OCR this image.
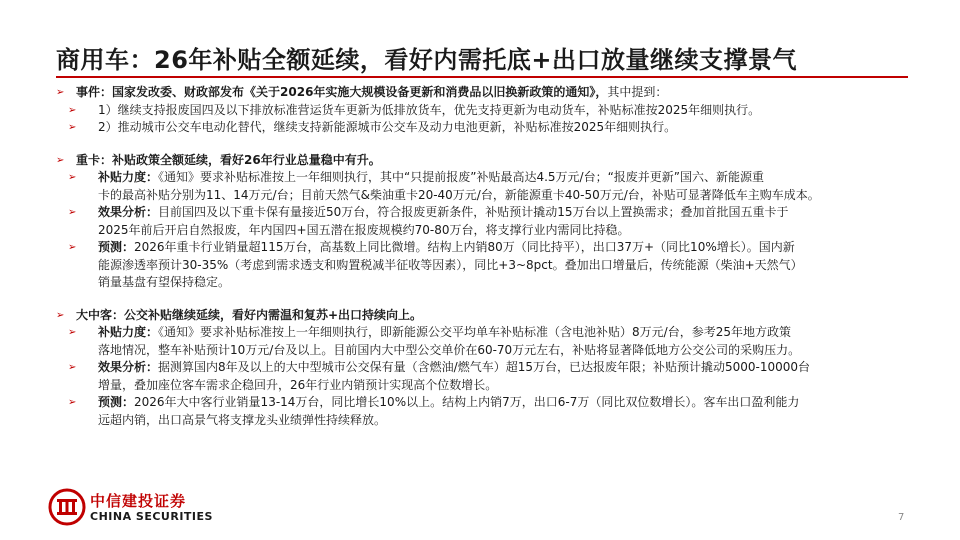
商用车：26年补贴全额延续，看好内需托底+出口放量继续支撑景气
➢ 事件：国家发改委、财政部发布《关于2026年实施大规模设备更新和消费品以旧换新政策的通知》，其中提到：
➢	1）继续支持报废国四及以下排放标准营运货车更新为低排放货车，优先支持更新为电动货车，补贴标准按2025年细则执行。
➢	2）推动城市公交车电动化替代，继续支持新能源城市公交车及动力电池更新，补贴标准按2025年细则执行。
➢ 重卡：补贴政策全额延续，看好26年行业总量稳中有升。
➢	补贴力度：《通知》要求补贴标准按上一年细则执行，其中“只提前报废”补贴最高达4.5万元/台；“报废并更新”国六、新能源重
卡的最高补贴分别为11、14万元/台；目前天然气&柴油重卡20-40万元/台，新能源重卡40-50万元/台，补贴可显著降低车主购车成本。
➢	效果分析：目前国四及以下重卡保有量接近50万台，符合报废更新条件，补贴预计撬动15万台以上置换需求；叠加首批国五重卡于
2025年前后开启自然报废，年内国四+国五潜在报废规模约70-80万台，将支撑行业内需同比持稳。
➢	预测：2026年重卡行业销量超115万台，高基数上同比微增。结构上内销80万（同比持平），出口37万+（同比10%增长）。国内新
能源渗透率预计30-35%（考虑到需求透支和购置税减半征收等因素），同比+3~8pct。叠加出口增量后，传统能源（柴油+天然气）
销量基盘有望保持稳定。
➢ 大中客：公交补贴继续延续，看好内需温和复苏+出口持续向上。
➢	补贴力度：《通知》要求补贴标准按上一年细则执行，即新能源公交平均单车补贴标准（含电池补贴）8万元/台，参考25年地方政策
落地情况，整车补贴预计10万元/台及以上。目前国内大中型公交单价在60-70万元左右，补贴将显著降低地方公交公司的采购压力。
➢	效果分析：据测算国内8年及以上的大中型城市公交保有量（含燃油/燃气车）超15万台，已达报废年限；补贴预计撬动5000-10000台
增量，叠加座位客车需求企稳回升，26年行业内销预计实现高个位数增长。
➢	预测：2026年大中客行业销量13-14万台，同比增长10%以上。结构上内销7万，出口6-7万（同比双位数增长）。客车出口盈利能力
远超内销，出口高景气将支撑龙头业绩弹性持续释放。
中信建投证券
CHINA SECURITIES	7
